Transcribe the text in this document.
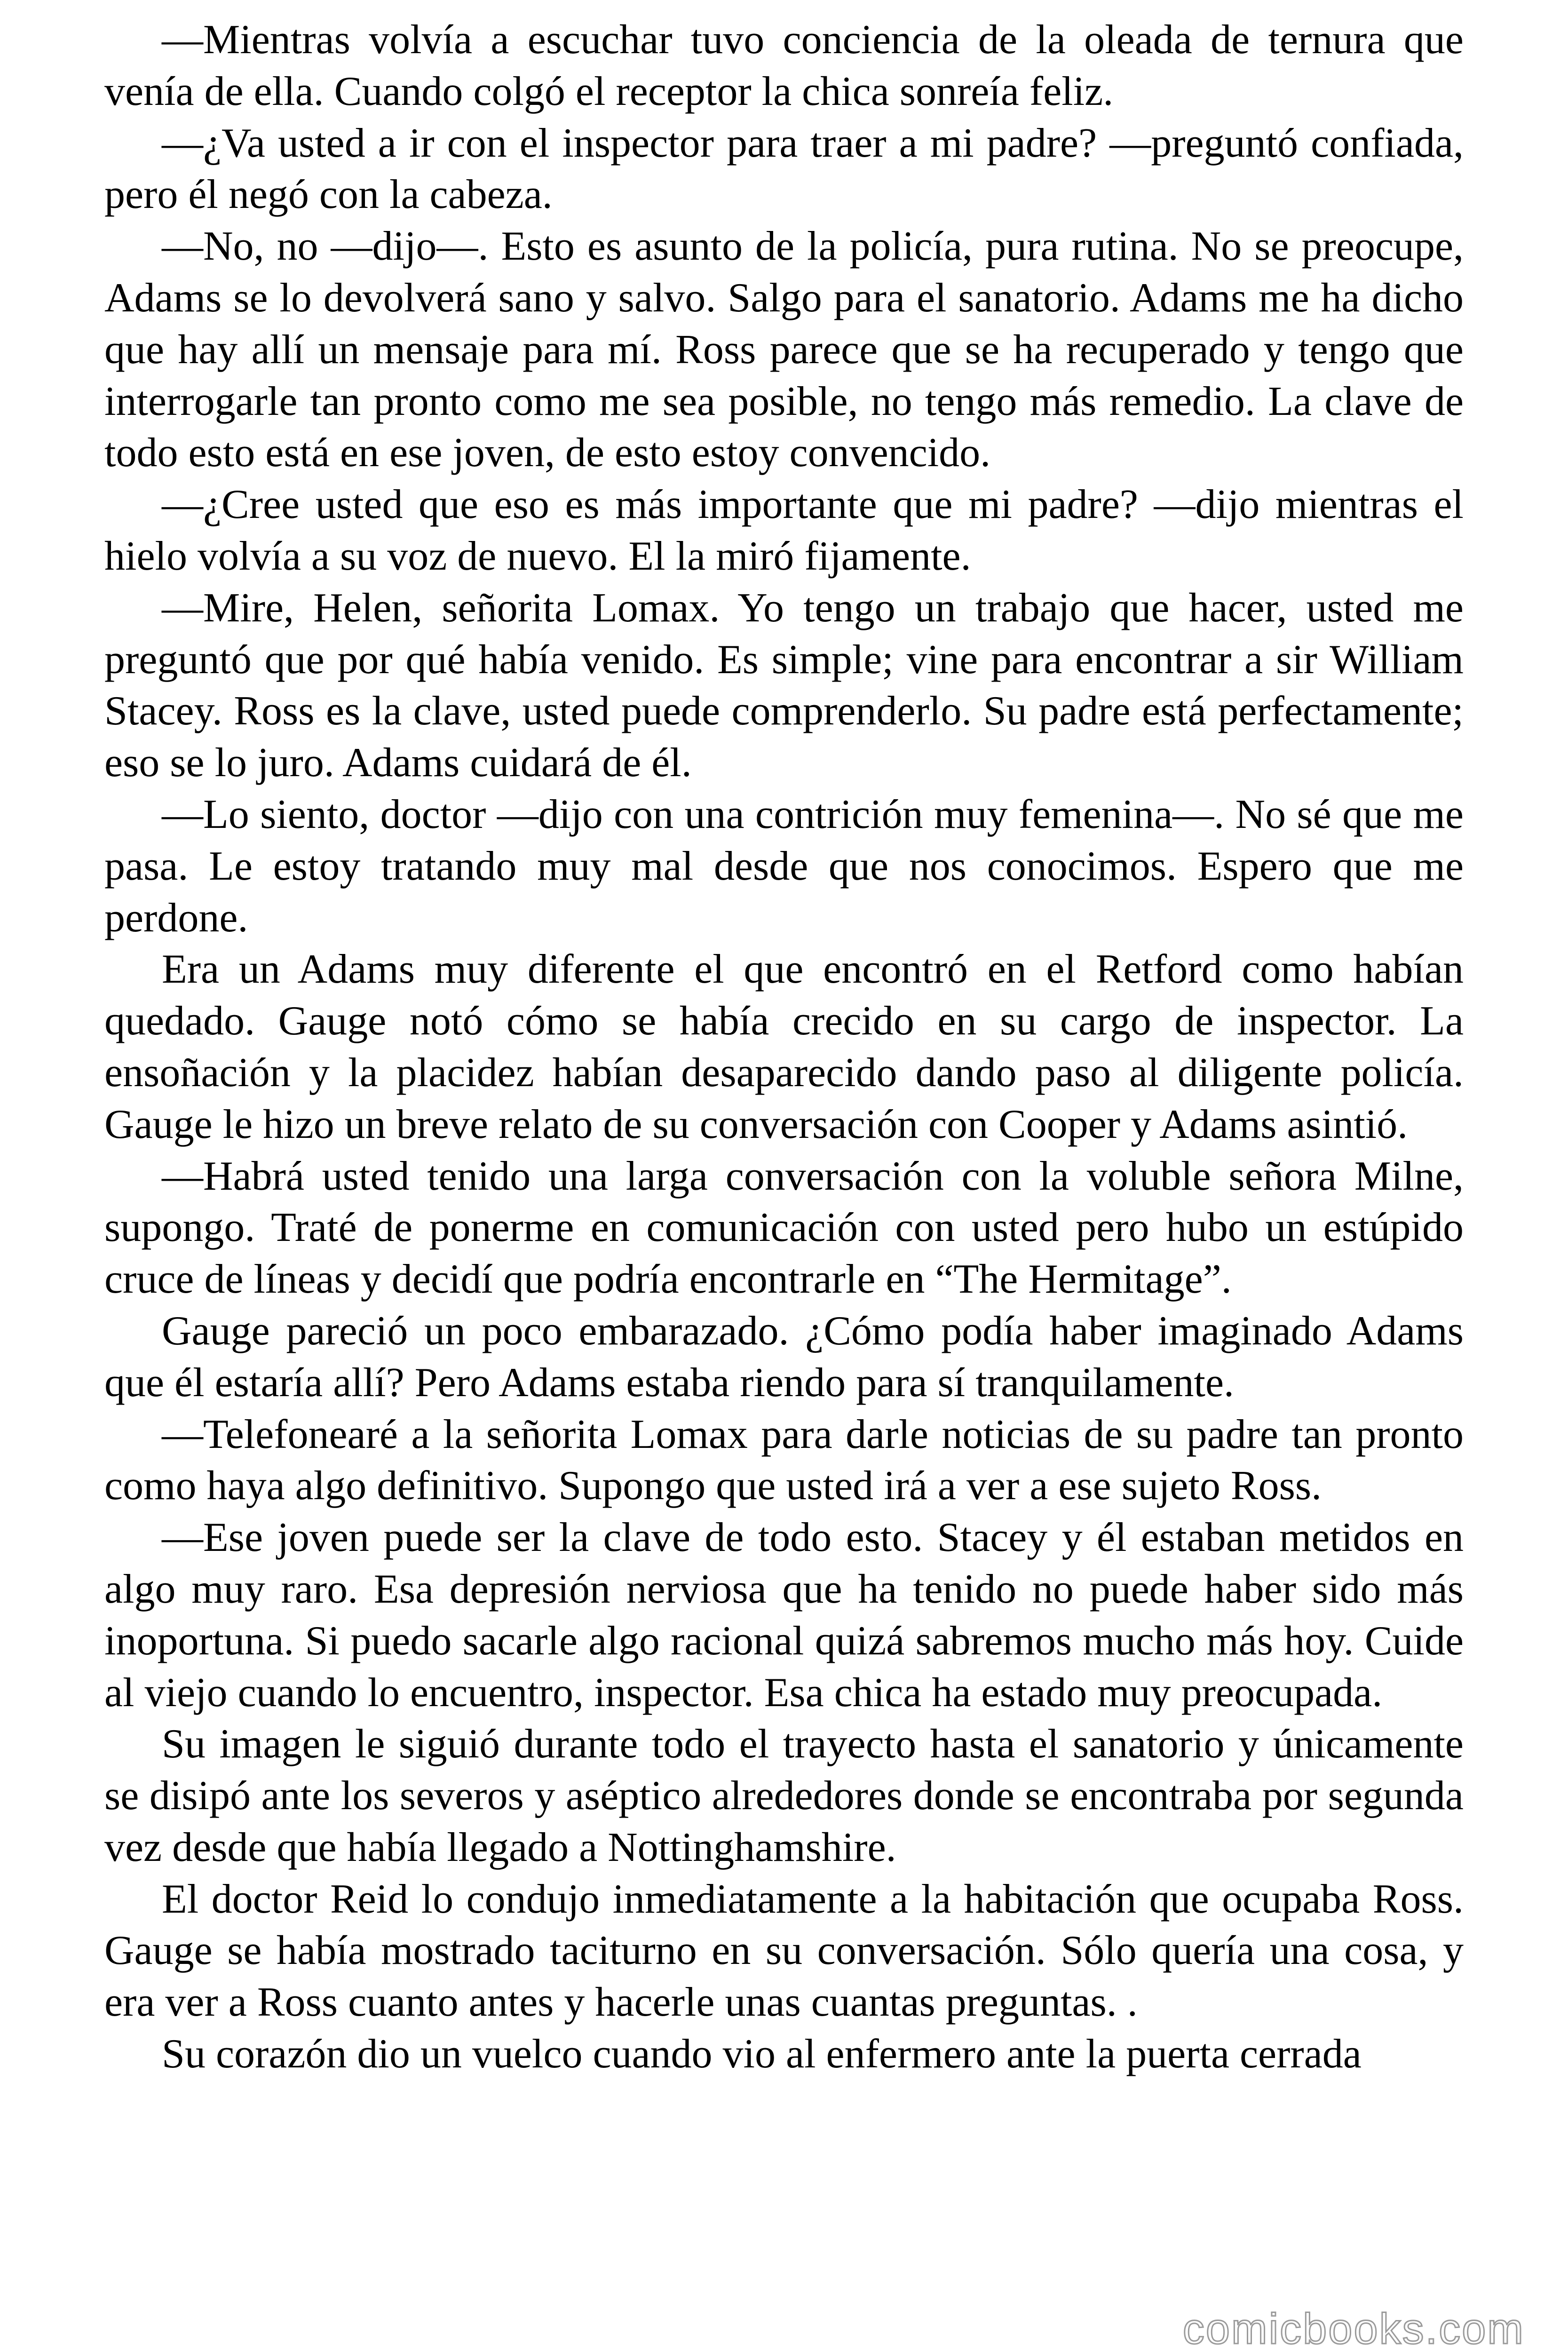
—Mientras volvía a escuchar tuvo conciencia de la oleada de ternura que venía de ella. Cuando colgó el receptor la chica sonreía feliz.

—¿Va usted a ir con el inspector para traer a mi padre? —preguntó confiada, pero él negó con la cabeza.

—No, no —dijo—. Esto es asunto de la policía, pura rutina. No se preocupe, Adams se lo devolverá sano y salvo. Salgo para el sanatorio. Adams me ha dicho que hay allí un mensaje para mí. Ross parece que se ha recuperado y tengo que interrogarle tan pronto como me sea posible, no tengo más remedio. La clave de todo esto está en ese joven, de esto estoy convencido.

—¿Cree usted que eso es más importante que mi padre? —dijo mientras el hielo volvía a su voz de nuevo. El la miró fijamente.

—Mire, Helen, señorita Lomax. Yo tengo un trabajo que hacer, usted me preguntó que por qué había venido. Es simple; vine para encontrar a sir William Stacey. Ross es la clave, usted puede comprenderlo. Su padre está perfectamente; eso se lo juro. Adams cuidará de él.

—Lo siento, doctor —dijo con una contrición muy femenina—. No sé que me pasa. Le estoy tratando muy mal desde que nos conocimos. Espero que me perdone.

Era un Adams muy diferente el que encontró en el Retford como habían quedado. Gauge notó cómo se había crecido en su cargo de inspector. La ensoñación y la placidez habían desaparecido dando paso al diligente policía. Gauge le hizo un breve relato de su conversación con Cooper y Adams asintió.

—Habrá usted tenido una larga conversación con la voluble señora Milne, supongo. Traté de ponerme en comunicación con usted pero hubo un estúpido cruce de líneas y decidí que podría encontrarle en “The Hermitage”.

Gauge pareció un poco embarazado. ¿Cómo podía haber imaginado Adams que él estaría allí? Pero Adams estaba riendo para sí tranquilamente.

—Telefonearé a la señorita Lomax para darle noticias de su padre tan pronto como haya algo definitivo. Supongo que usted irá a ver a ese sujeto Ross.

—Ese joven puede ser la clave de todo esto. Stacey y él estaban metidos en algo muy raro. Esa depresión nerviosa que ha tenido no puede haber sido más inoportuna. Si puedo sacarle algo racional quizá sabremos mucho más hoy. Cuide al viejo cuando lo encuentro, inspector. Esa chica ha estado muy preocupada.

Su imagen le siguió durante todo el trayecto hasta el sanatorio y únicamente se disipó ante los severos y aséptico alrededores donde se encontraba por segunda vez desde que había llegado a Nottinghamshire.

El doctor Reid lo condujo inmediatamente a la habitación que ocupaba Ross. Gauge se había mostrado taciturno en su conversación. Sólo quería una cosa, y era ver a Ross cuanto antes y hacerle unas cuantas preguntas. .

Su corazón dio un vuelco cuando vio al enfermero ante la puerta cerrada

comicbooks.com
